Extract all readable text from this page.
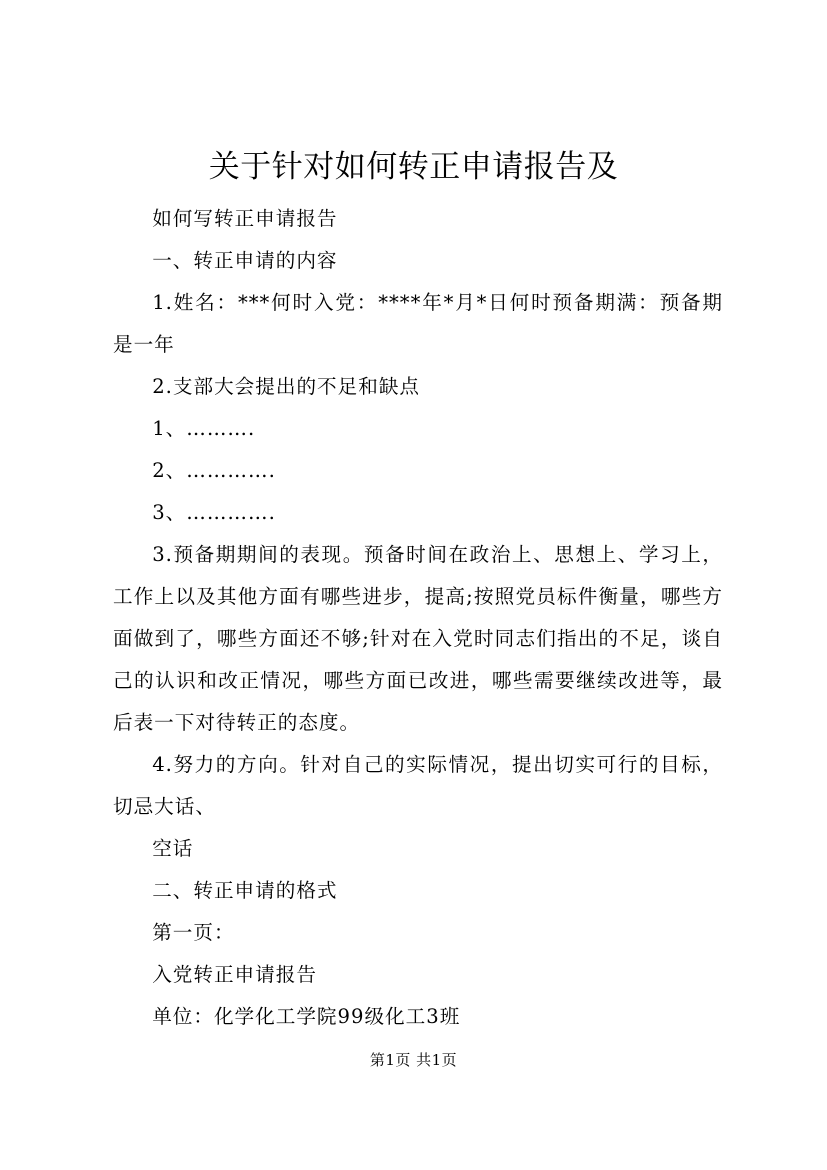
关于针对如何转正申请报告及

如何写转正申请报告

一、转正申请的内容

1.姓名：***何时入党：****年*月*日何时预备期满：预备期是一年

2.支部大会提出的不足和缺点

1、……….

2、………….

3、………….

3.预备期期间的表现。预备时间在政治上、思想上、学习上，工作上以及其他方面有哪些进步，提高;按照党员标件衡量，哪些方面做到了，哪些方面还不够;针对在入党时同志们指出的不足，谈自己的认识和改正情况，哪些方面已改进，哪些需要继续改进等，最后表一下对待转正的态度。

4.努力的方向。针对自己的实际情况，提出切实可行的目标，切忌大话、

空话

二、转正申请的格式

第一页：

入党转正申请报告

单位：化学化工学院99级化工3班

第1页 共1页
